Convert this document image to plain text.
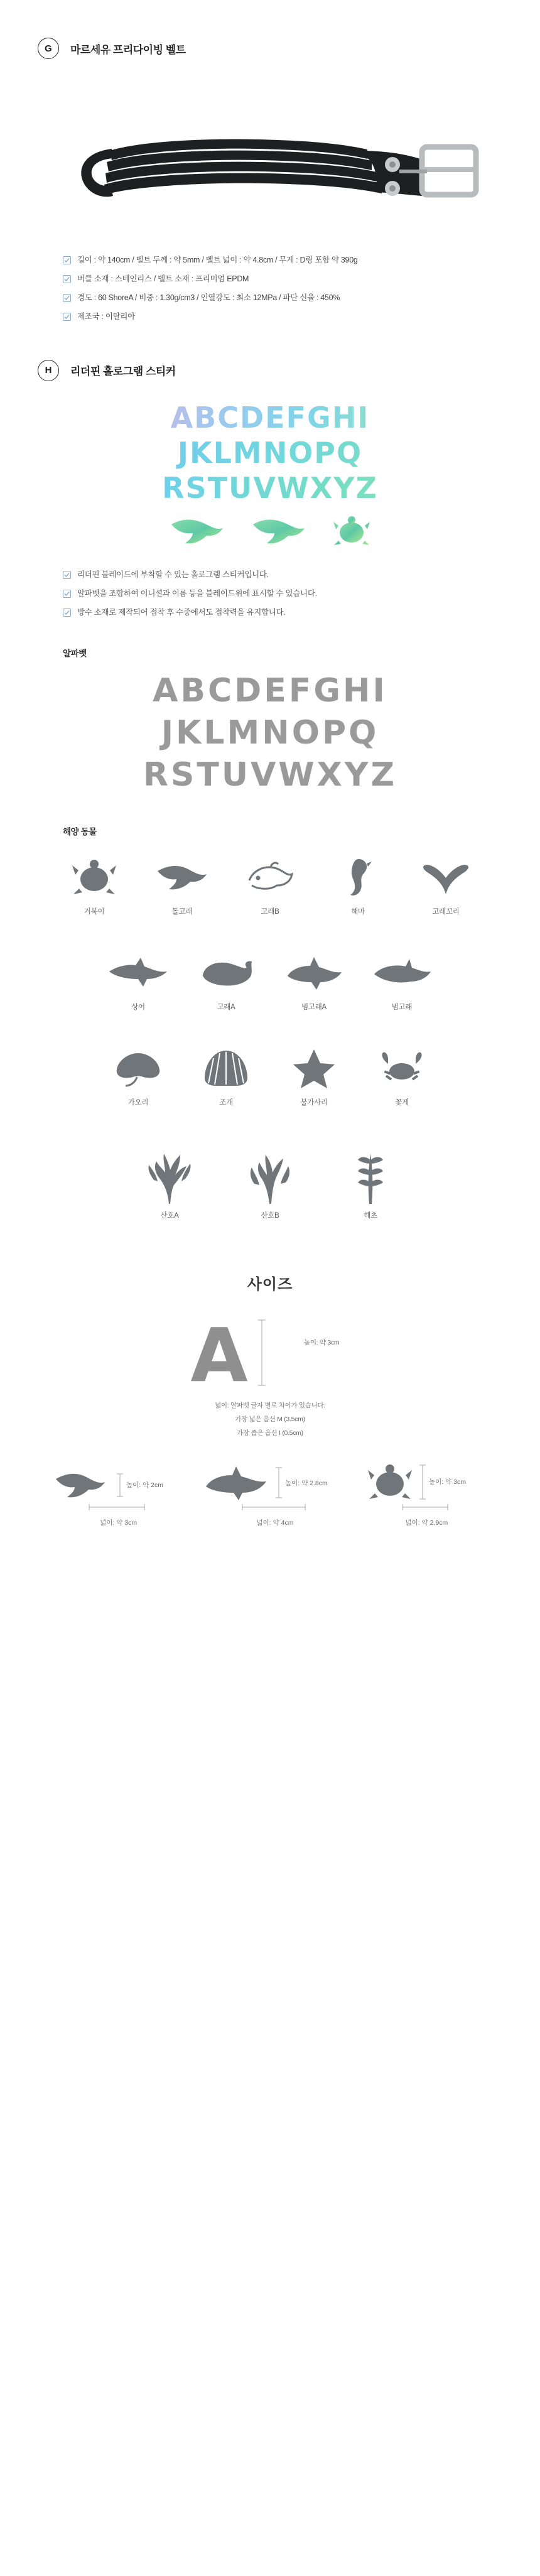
G	마르세유 프리다이빙 벨트
길이 : 약 140cm / 벨트 두께 : 약 5mm / 벨트 넓이 : 약 4.8cm / 무게 : D링 포함 약 390g
버클 소재 : 스테인리스 / 벨트 소재 : 프리미엄 EPDM
경도 : 60 ShoreA / 비중 : 1.30g/cm3 / 인열강도 : 최소 12MPa / 파단 신율 : 450%
제조국 : 이탈리아
H	리더핀 홀로그램 스티커
ABCDEFGHI
JKLMNOPQ
RSTUVWXYZ
리더핀 블레이드에 부착할 수 있는 홀로그램 스티커입니다.
알파벳을 조합하여 이니셜과 이름 등을 블레이드위에 표시할 수 있습니다.
방수 소재로 제작되어 접착 후 수중에서도 접착력을 유지합니다.
알파벳
ABCDEFGHI
JKLMNOPQ
RSTUVWXYZ
해양 동물
거북이	돌고래	고래B	해마	고래꼬리
상어	고래A	범고래A	범고래
가오리	조개	불가사리	꽃게
산호A	산호B	해초
사이즈
A	높이: 약 3cm
넓이: 알파벳 글자 별로 차이가 있습니다.
가장 넓은 옵션 M (3.5cm)
가장 좁은 옵션 I (0.5cm)
높이: 약 2cm
넓이: 약 3cm
높이: 약 2.8cm
넓이: 약 4cm
높이: 약 3cm
넓이: 약 2.9cm
